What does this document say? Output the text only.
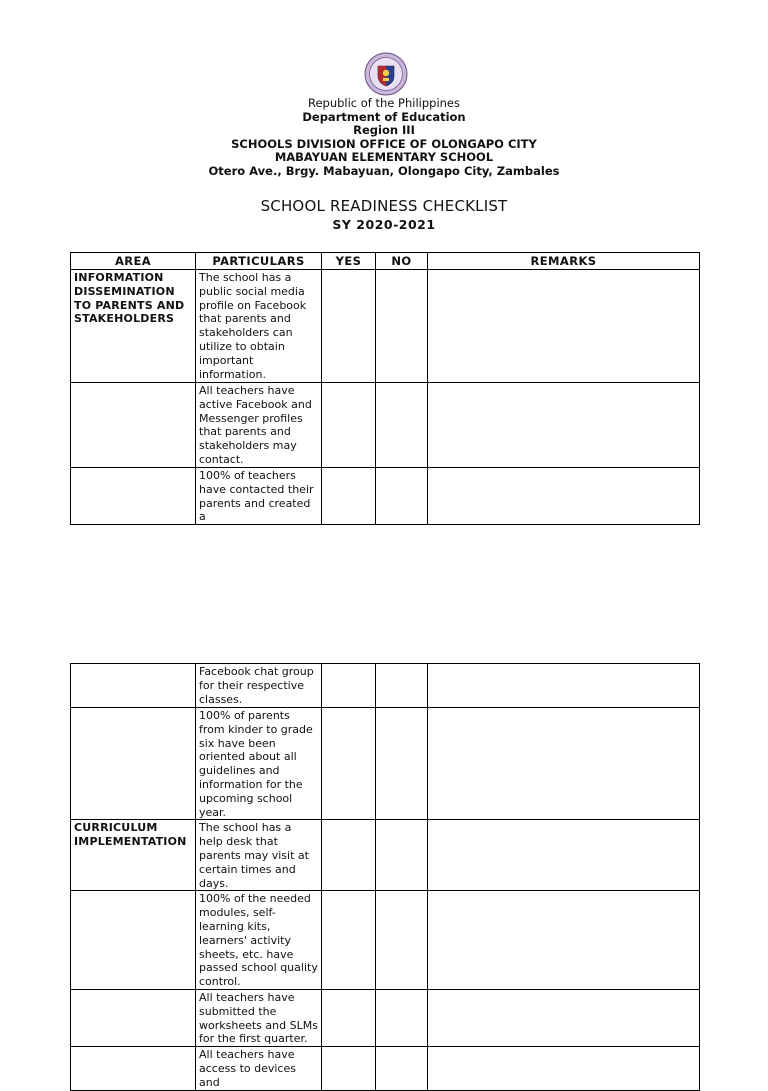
Republic of the Philippines
Department of Education
Region III
SCHOOLS DIVISION OFFICE OF OLONGAPO CITY
MABAYUAN ELEMENTARY SCHOOL
Otero Ave., Brgy. Mabayuan, Olongapo City, Zambales
SCHOOL READINESS CHECKLIST
SY 2020-2021
AREA	PARTICULARS	YES	NO	REMARKS
INFORMATION DISSEMINATION TO PARENTS AND STAKEHOLDERS	The school has a public social media profile on Facebook that parents and stakeholders can utilize to obtain important information.			
	All teachers have active Facebook and Messenger profiles that parents and stakeholders may contact.			
	100% of teachers have contacted their parents and created a			
	Facebook chat group for their respective classes.			
	100% of parents from kinder to grade six have been oriented about all guidelines and information for the upcoming school year.			
CURRICULUM IMPLEMENTATION	The school has a help desk that parents may visit at certain times and days.			
	100% of the needed modules, self-learning kits, learners' activity sheets, etc. have passed school quality control.			
	All teachers have submitted the worksheets and SLMs for the first quarter.			
	All teachers have access to devices and			
